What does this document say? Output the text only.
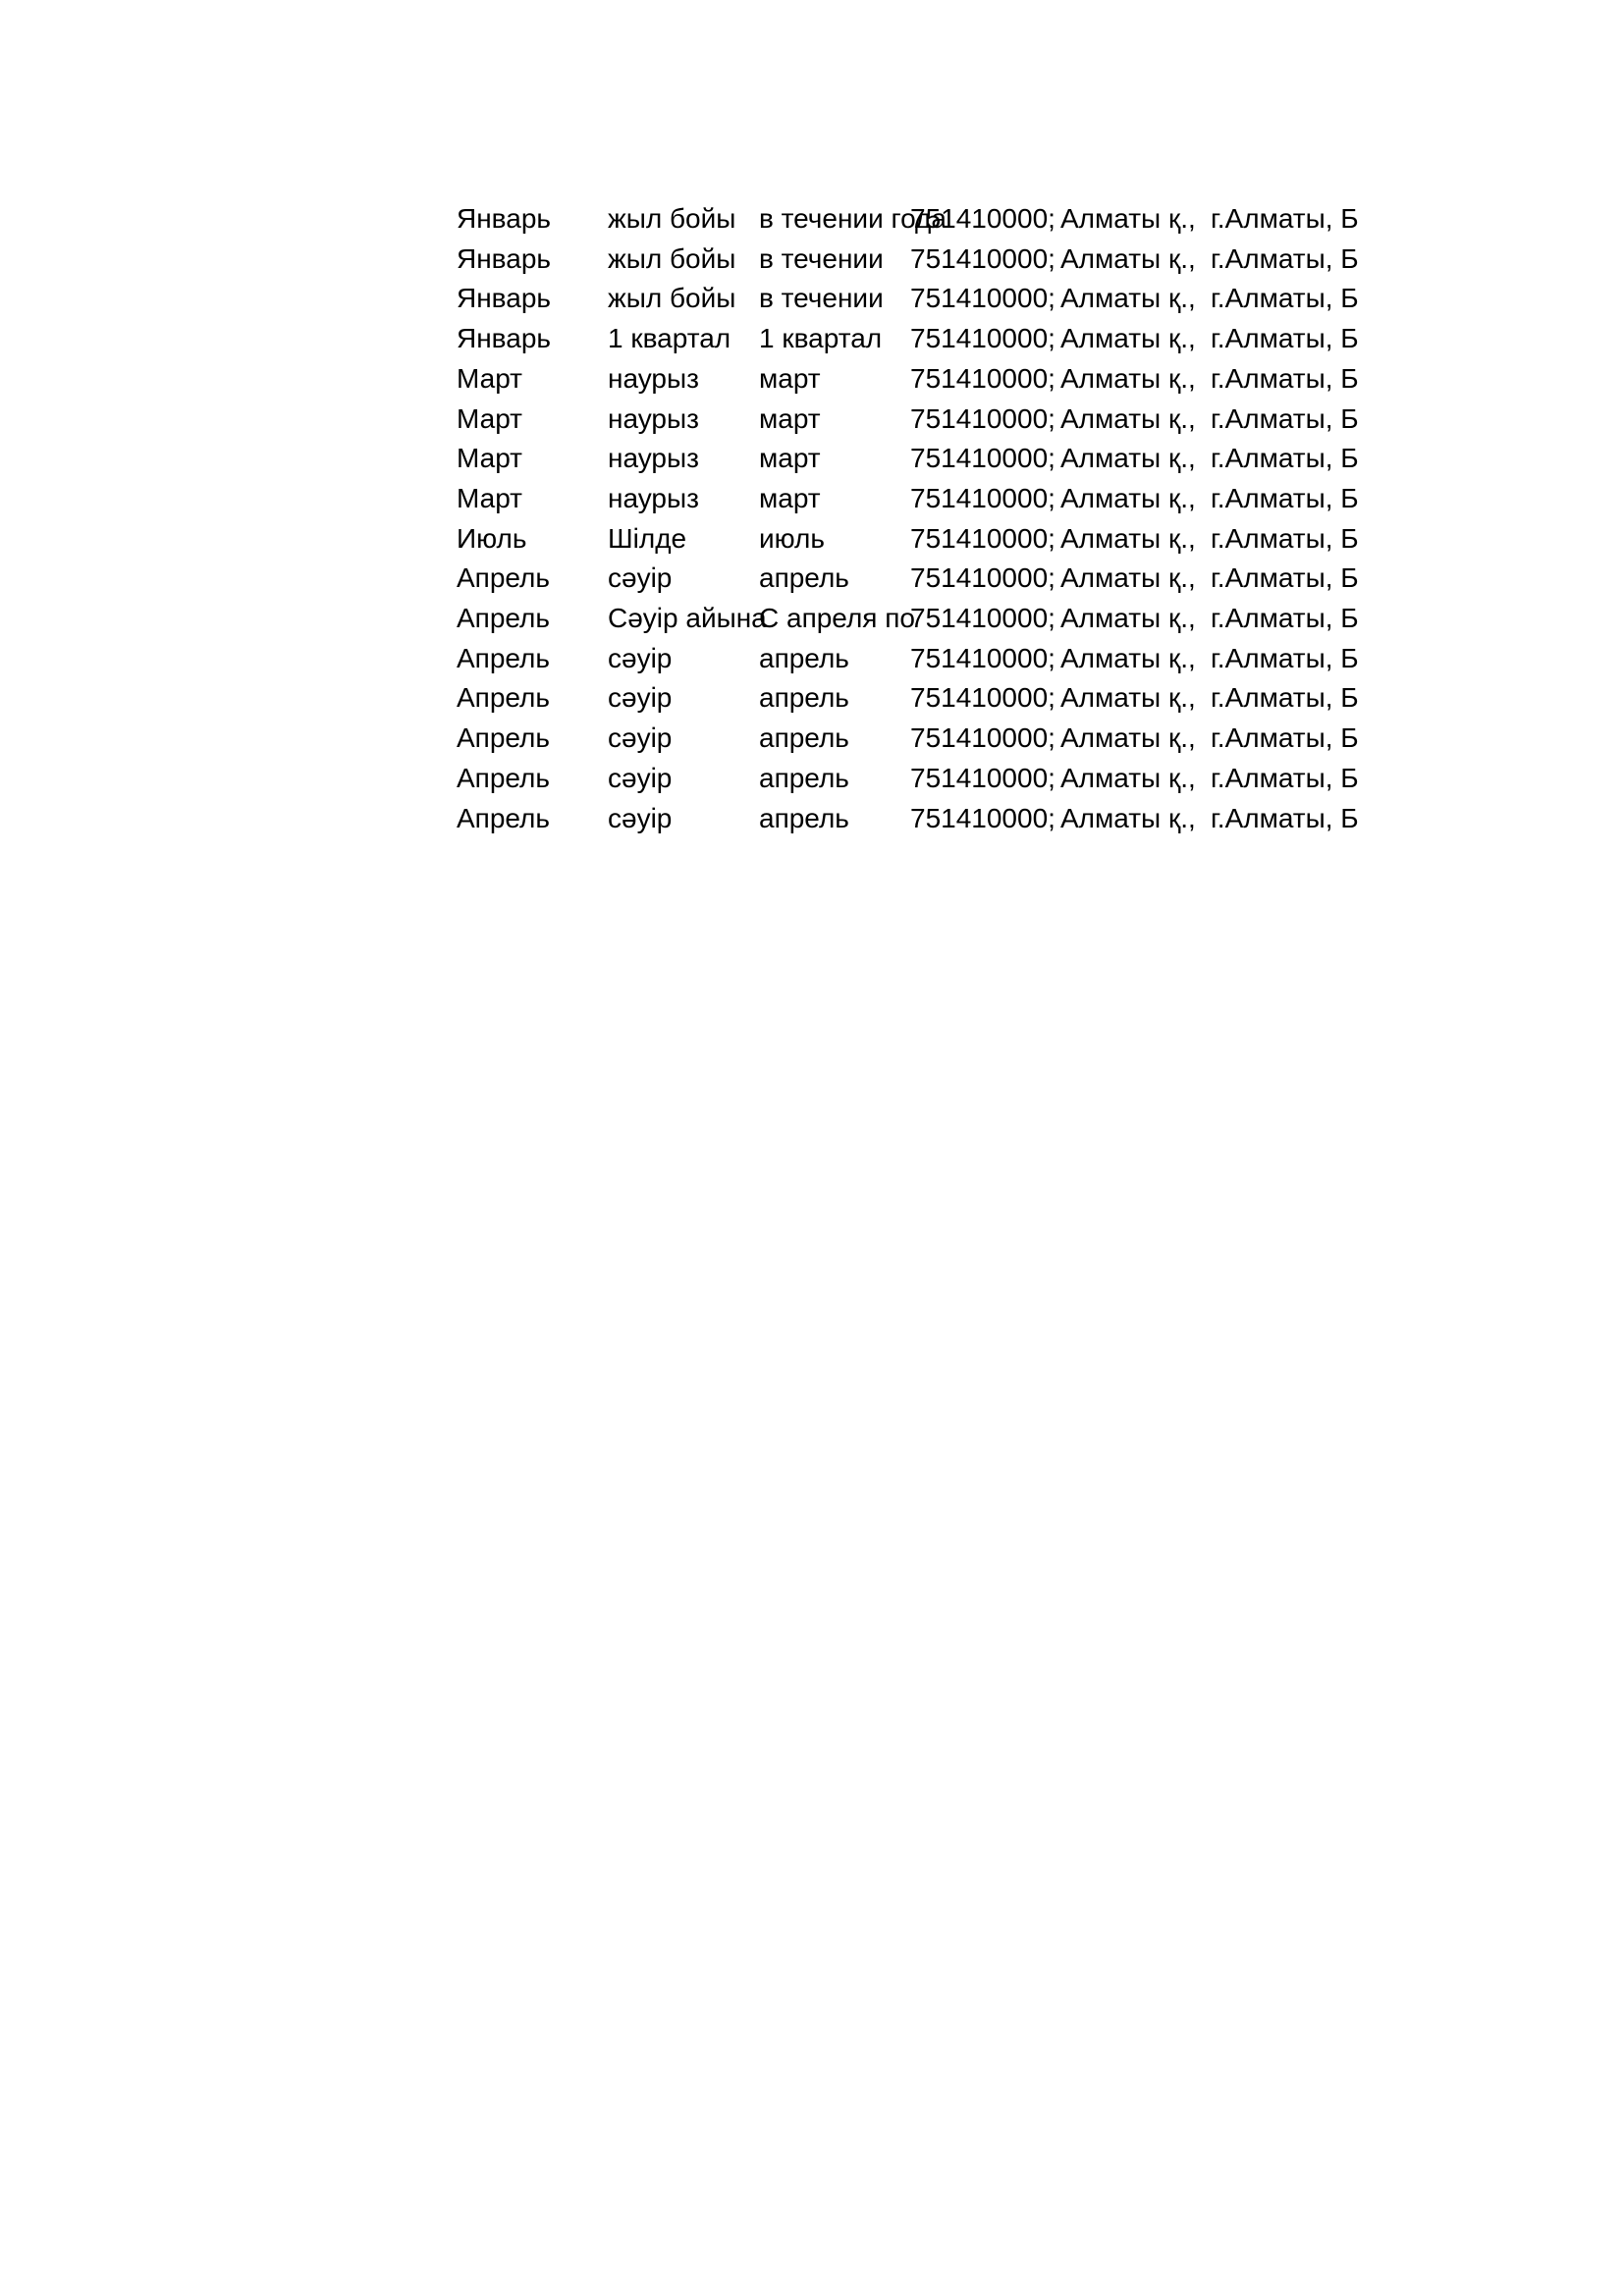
Январь	жыл бойы	в течении года	751410000;	Алматы қ.,	г.Алматы, Б
Январь	жыл бойы	в течении	751410000;	Алматы қ.,	г.Алматы, Б
Январь	жыл бойы	в течении	751410000;	Алматы қ.,	г.Алматы, Б
Январь	1 квартал	1 квартал	751410000;	Алматы қ.,	г.Алматы, Б
Март	наурыз	март	751410000;	Алматы қ.,	г.Алматы, Б
Март	наурыз	март	751410000;	Алматы қ.,	г.Алматы, Б
Март	наурыз	март	751410000;	Алматы қ.,	г.Алматы, Б
Март	наурыз	март	751410000;	Алматы қ.,	г.Алматы, Б
Июль	Шілде	июль	751410000;	Алматы қ.,	г.Алматы, Б
Апрель	сәуір	апрель	751410000;	Алматы қ.,	г.Алматы, Б
Апрель	Сәуір айына	С апреля по	751410000;	Алматы қ.,	г.Алматы, Б
Апрель	сәуір	апрель	751410000;	Алматы қ.,	г.Алматы, Б
Апрель	сәуір	апрель	751410000;	Алматы қ.,	г.Алматы, Б
Апрель	сәуір	апрель	751410000;	Алматы қ.,	г.Алматы, Б
Апрель	сәуір	апрель	751410000;	Алматы қ.,	г.Алматы, Б
Апрель	сәуір	апрель	751410000;	Алматы қ.,	г.Алматы, Б
